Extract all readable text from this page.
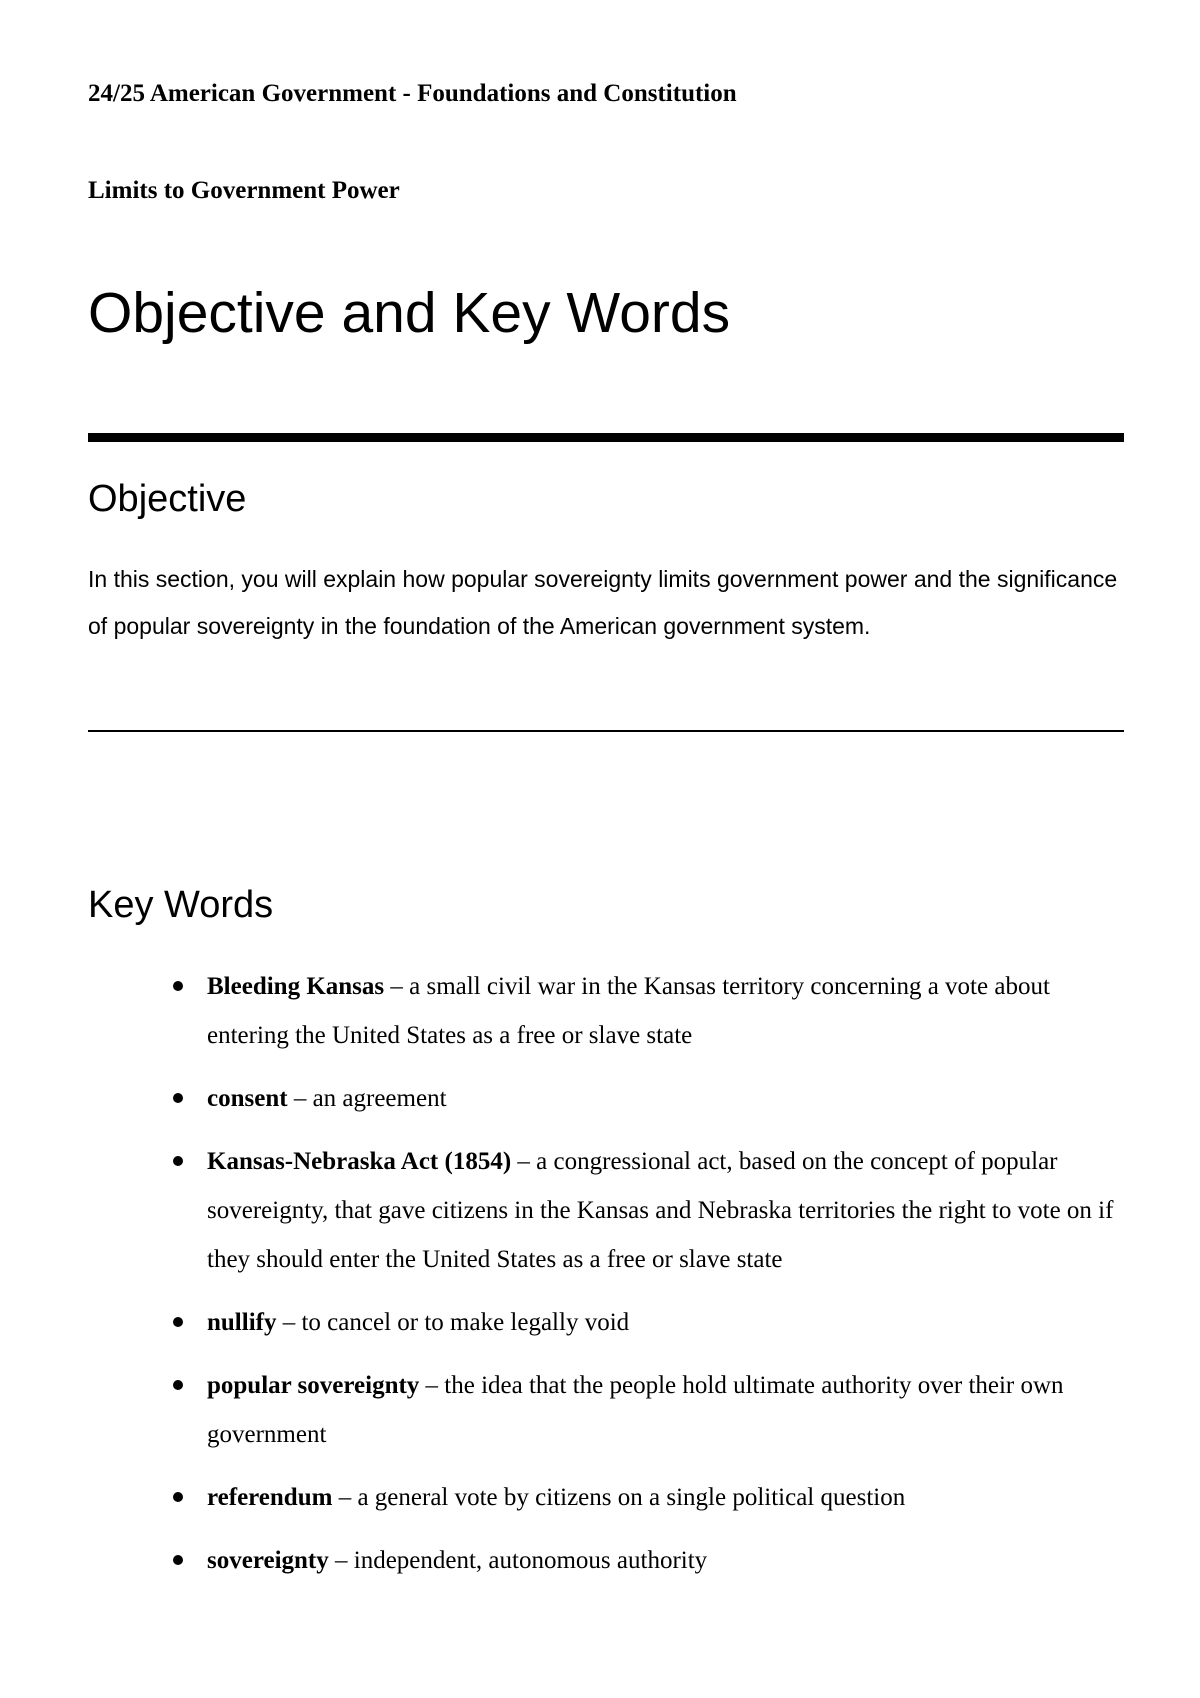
24/25 American Government - Foundations and Constitution
Limits to Government Power
Objective and Key Words
Objective

In this section, you will explain how popular sovereignty limits government power and the significance of popular sovereignty in the foundation of the American government system.

Key Words
Bleeding Kansas – a small civil war in the Kansas territory concerning a vote about entering the United States as a free or slave state
consent – an agreement
Kansas-Nebraska Act (1854) – a congressional act, based on the concept of popular sovereignty, that gave citizens in the Kansas and Nebraska territories the right to vote on if they should enter the United States as a free or slave state
nullify – to cancel or to make legally void
popular sovereignty – the idea that the people hold ultimate authority over their own government
referendum – a general vote by citizens on a single political question
sovereignty – independent, autonomous authority
